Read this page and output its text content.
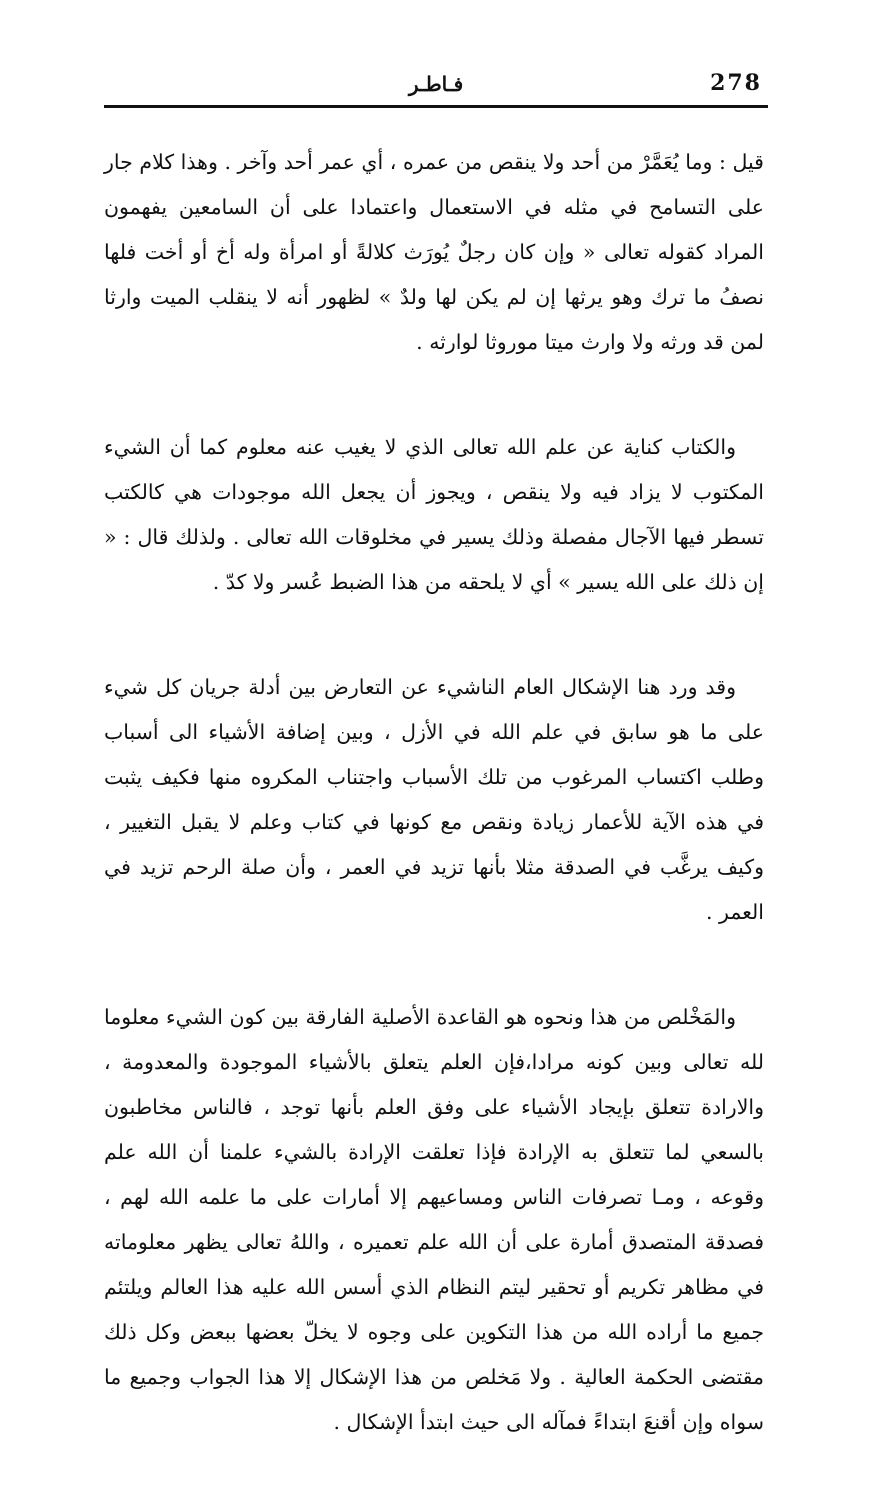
278
فـاطـر

قيل : وما يُعَمَّرْ من أحد ولا ينقص من عمره ، أي عمر أحد وآخر . وهذا كلام جار على التسامح في مثله في الاستعمال واعتمادا على أن السامعين يفهمون المراد كقوله تعالى « وإن كان رجلٌ يُورَث كلالةً أو امرأة وله أخ أو أخت فلها نصفُ ما ترك وهو يرثها إن لم يكن لها ولدٌ » لظهور أنه لا ينقلب الميت وارثا لمن قد ورثه ولا وارث ميتا موروثا لوارثه .

والكتاب كناية عن علم الله تعالى الذي لا يغيب عنه معلوم كما أن الشيء المكتوب لا يزاد فيه ولا ينقص ، ويجوز أن يجعل الله موجودات هي كالكتب تسطر فيها الآجال مفصلة وذلك يسير في مخلوقات الله تعالى . ولذلك قال : « إن ذلك على الله يسير » أي لا يلحقه من هذا الضبط عُسر ولا كدّ .

وقد ورد هنا الإشكال العام الناشيء عن التعارض بين أدلة جريان كل شيء على ما هو سابق في علم الله في الأزل ، وبين إضافة الأشياء الى أسباب وطلب اكتساب المرغوب من تلك الأسباب واجتناب المكروه منها فكيف يثبت في هذه الآية للأعمار زيادة ونقص مع كونها في كتاب وعلم لا يقبل التغيير ، وكيف يرغَّب في الصدقة مثلا بأنها تزيد في العمر ، وأن صلة الرحم تزيد في العمر .

والمَخْلص من هذا ونحوه هو القاعدة الأصلية الفارقة بين كون الشيء معلوما لله تعالى وبين كونه مرادا،فإن العلم يتعلق بالأشياء الموجودة والمعدومة ، والارادة تتعلق بإيجاد الأشياء على وفق العلم بأنها توجد ، فالناس مخاطبون بالسعي لما تتعلق به الإرادة فإذا تعلقت الإرادة بالشيء علمنا أن الله علم وقوعه ، ومـا تصرفات الناس ومساعيهم إلا أمارات على ما علمه الله لهم ، فصدقة المتصدق أمارة على أن الله علم تعميره ، واللهُ تعالى يظهر معلوماته في مظاهر تكريم أو تحقير ليتم النظام الذي أسس الله عليه هذا العالم ويلتئم جميع ما أراده الله من هذا التكوين على وجوه لا يخلّ بعضها ببعض وكل ذلك مقتضى الحكمة العالية . ولا مَخلص من هذا الإشكال إلا هذا الجواب وجميع ما سواه وإن أقنعَ ابتداءً فمآله الى حيث ابتدأ الإشكال .
